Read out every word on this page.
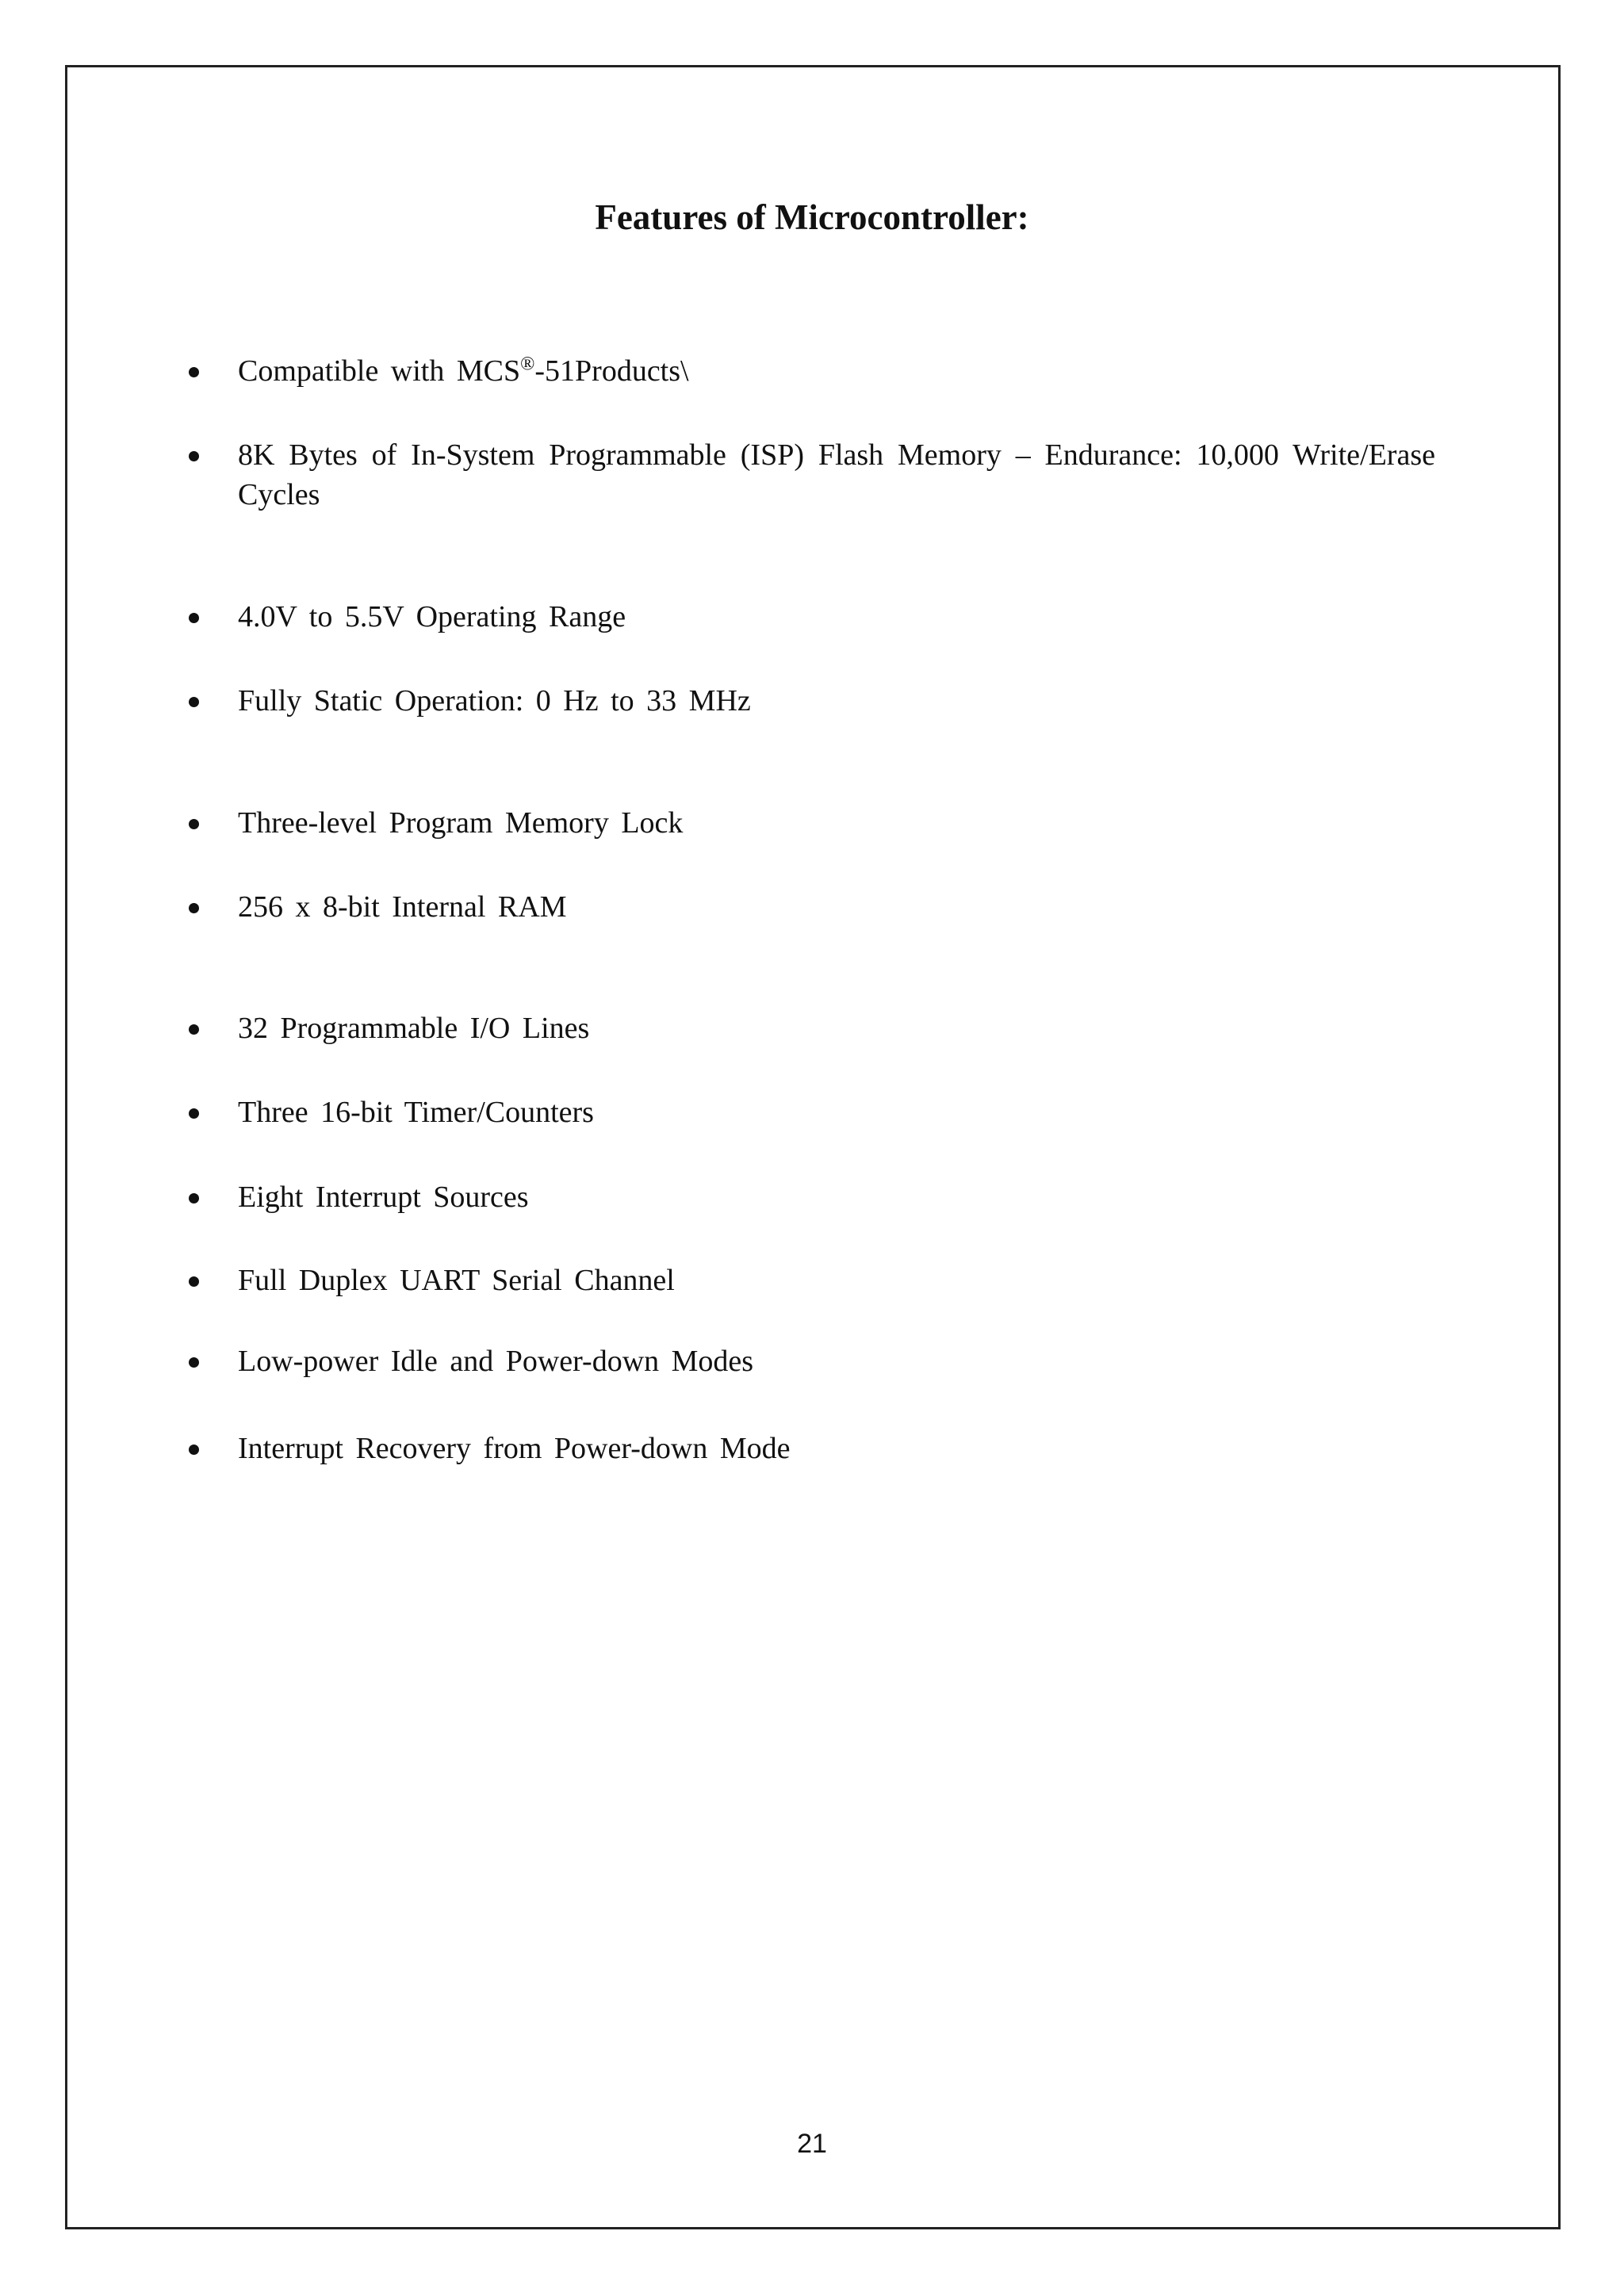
Features of Microcontroller:
Compatible with MCS®-51Products\
8K Bytes of In-System Programmable (ISP) Flash Memory – Endurance: 10,000 Write/Erase Cycles
4.0V to 5.5V Operating Range
Fully Static Operation: 0 Hz to 33 MHz
Three-level Program Memory Lock
256 x 8-bit Internal RAM
32 Programmable I/O Lines
Three 16-bit Timer/Counters
Eight Interrupt Sources
Full Duplex UART Serial Channel
Low-power Idle and Power-down Modes
Interrupt Recovery from Power-down Mode
21
